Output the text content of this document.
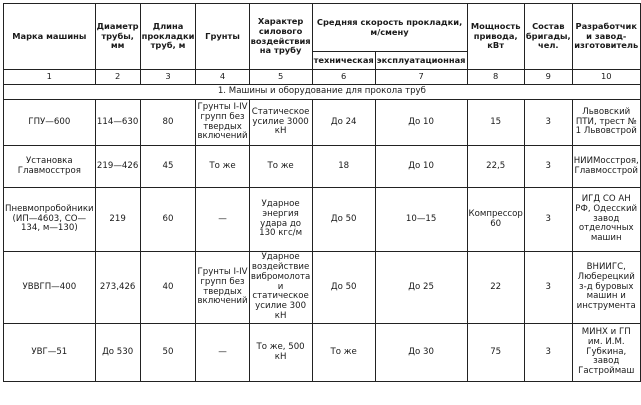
Марка машины	Диаметр трубы, мм	Длина прокладки труб, м	Грунты	Характер силового воздействия на трубу	Средняя скорость прокладки, м/смену		Мощность привода, кВт	Состав бригады, чел.	Разработчик и завод-изготовитель
					техническая	эксплуатационная			
1	2	3	4	5	6	7	8	9	10
1. Машины и оборудование для прокола труб									
ГПУ—600	114—630	80	Грунты I-IV групп без твердых включений	Статическое усилие 3000 кН	До 24	До 10	15	3	Львовский ПТИ, трест № 1 Львовстрой
Установка Главмосстроя	219—426	45	То же	То же	18	До 10	22,5	3	НИИМосстроя, Главмосстрой
Пневмопробойники (ИП—4603, СО—134, м—130)	219	60	—	Ударное энергия удара до 130 кгс/м	До 50	10—15	Компрессор 60	3	ИГД СО АН РФ, Одесский завод отделочных машин
УВВГП—400	273,426	40	Грунты I-IV групп без твердых включений	Ударное воздействие вибромолота и статическое усилие 300 кН	До 50	До 25	22	3	ВНИИГС, Люберецкий з-д буровых машин и инструмента
УВГ—51	До 530	50	—	То же, 500 кН	То же	До 30	75	3	МИНХ и ГП им. И.М. Губкина, завод Гастроймаш
